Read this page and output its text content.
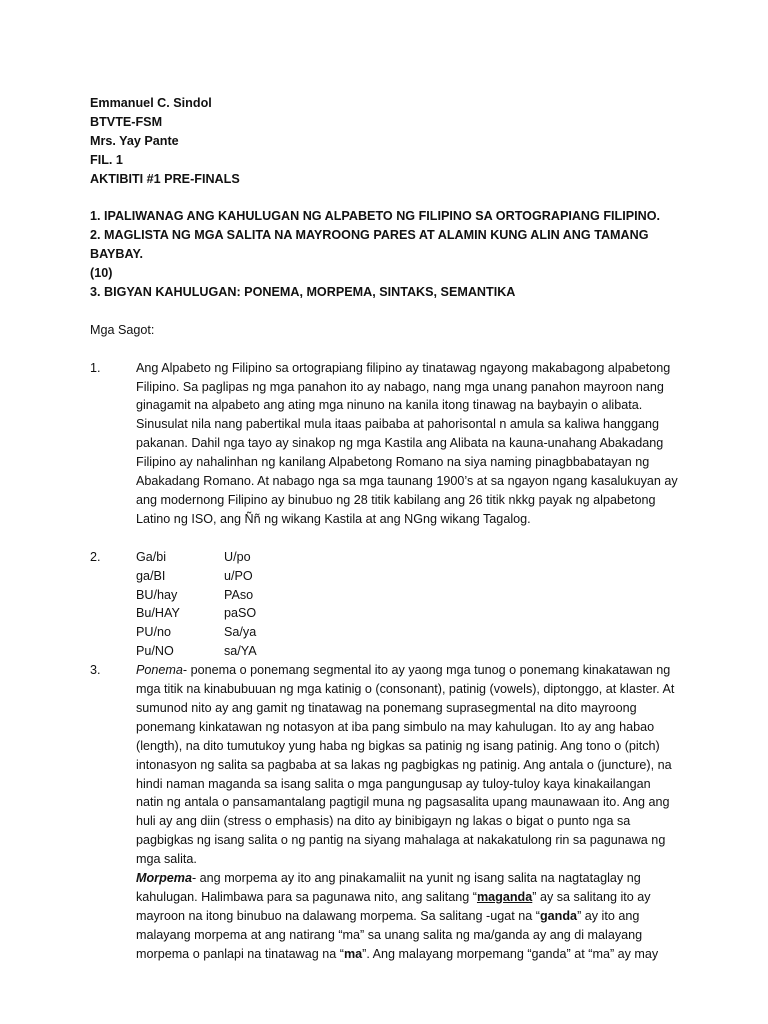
Emmanuel C. Sindol
BTVTE-FSM
Mrs. Yay Pante
FIL. 1
AKTIBITI #1 PRE-FINALS
1. IPALIWANAG ANG KAHULUGAN NG ALPABETO NG FILIPINO SA ORTOGRAPIANG FILIPINO.
2. MAGLISTA NG MGA SALITA NA MAYROONG PARES AT ALAMIN KUNG ALIN ANG TAMANG BAYBAY.
(10)
3. BIGYAN KAHULUGAN: PONEMA, MORPEMA, SINTAKS, SEMANTIKA
Mga Sagot:
1.	Ang Alpabeto ng Filipino sa ortograpiang filipino ay tinatawag ngayong makabagong alpabetong Filipino. Sa paglipas ng mga panahon ito ay nabago, nang mga unang panahon mayroon nang ginagamit na alpabeto ang ating mga ninuno na kanila itong tinawag na baybayin o alibata. Sinusulat nila nang pabertikal mula itaas paibaba at pahorisontal n amula sa kaliwa hanggang pakanan. Dahil nga tayo ay sinakop ng mga Kastila ang Alibata na kauna-unahang Abakadang Filipino ay nahalinhan ng kanilang Alpabetong Romano na siya naming pinagbbabatayan ng Abakadang Romano. At nabago nga sa mga taunang 1900’s at sa ngayon ngang kasalukuyan ay ang modernong Filipino ay binubuo ng 28 titik kabilang ang 26 titik nkkg payak ng alpabetong Latino ng ISO, ang Ññ ng wikang Kastila at ang NGng wikang Tagalog.
2.	Ga/bi	U/po
ga/BI	u/PO
BU/hay	PAso
Bu/HAY	paSO
PU/no	Sa/ya
Pu/NO	sa/YA
3.	Ponema- ponema o ponemang segmental ito ay yaong mga tunog o ponemang kinakatawan ng mga titik na kinabubuuan ng mga katinig o (consonant), patinig (vowels), diptonggo, at klaster. At sumunod nito ay ang gamit ng tinatawag na ponemang suprasegmental na dito mayroong ponemang kinkatawan ng notasyon at iba pang simbulo na may kahulugan. Ito ay ang habao (length), na dito tumutukoy yung haba ng bigkas sa patinig ng isang patinig. Ang tono o (pitch) intonasyon ng salita sa pagbaba at sa lakas ng pagbigkas ng patinig. Ang antala o (juncture), na hindi naman maganda sa isang salita o mga pangungusap ay tuloy-tuloy kaya kinakailangan natin ng antala o pansamantalang pagtigil muna ng pagsasalita upang maunawaan ito. Ang ang huli ay ang diin (stress o emphasis) na dito ay binibigayn ng lakas o bigat o punto nga sa pagbigkas ng isang salita o ng pantig na siyang mahalaga at nakakatulong rin sa pagunawa ng mga salita.
Morpema- ang morpema ay ito ang pinakamaliit na yunit ng isang salita na nagtataglay ng kahulugan. Halimbawa para sa pagunawa nito, ang salitang “maganda” ay sa salitang ito ay mayroon na itong binubuo na dalawang morpema. Sa salitang -ugat na “ganda” ay ito ang malayang morpema at ang natirang “ma” sa unang salita ng ma/ganda ay ang di malayang morpema o panlapi na tinatawag na “ma”. Ang malayang morpemang “ganda” at “ma” ay may
